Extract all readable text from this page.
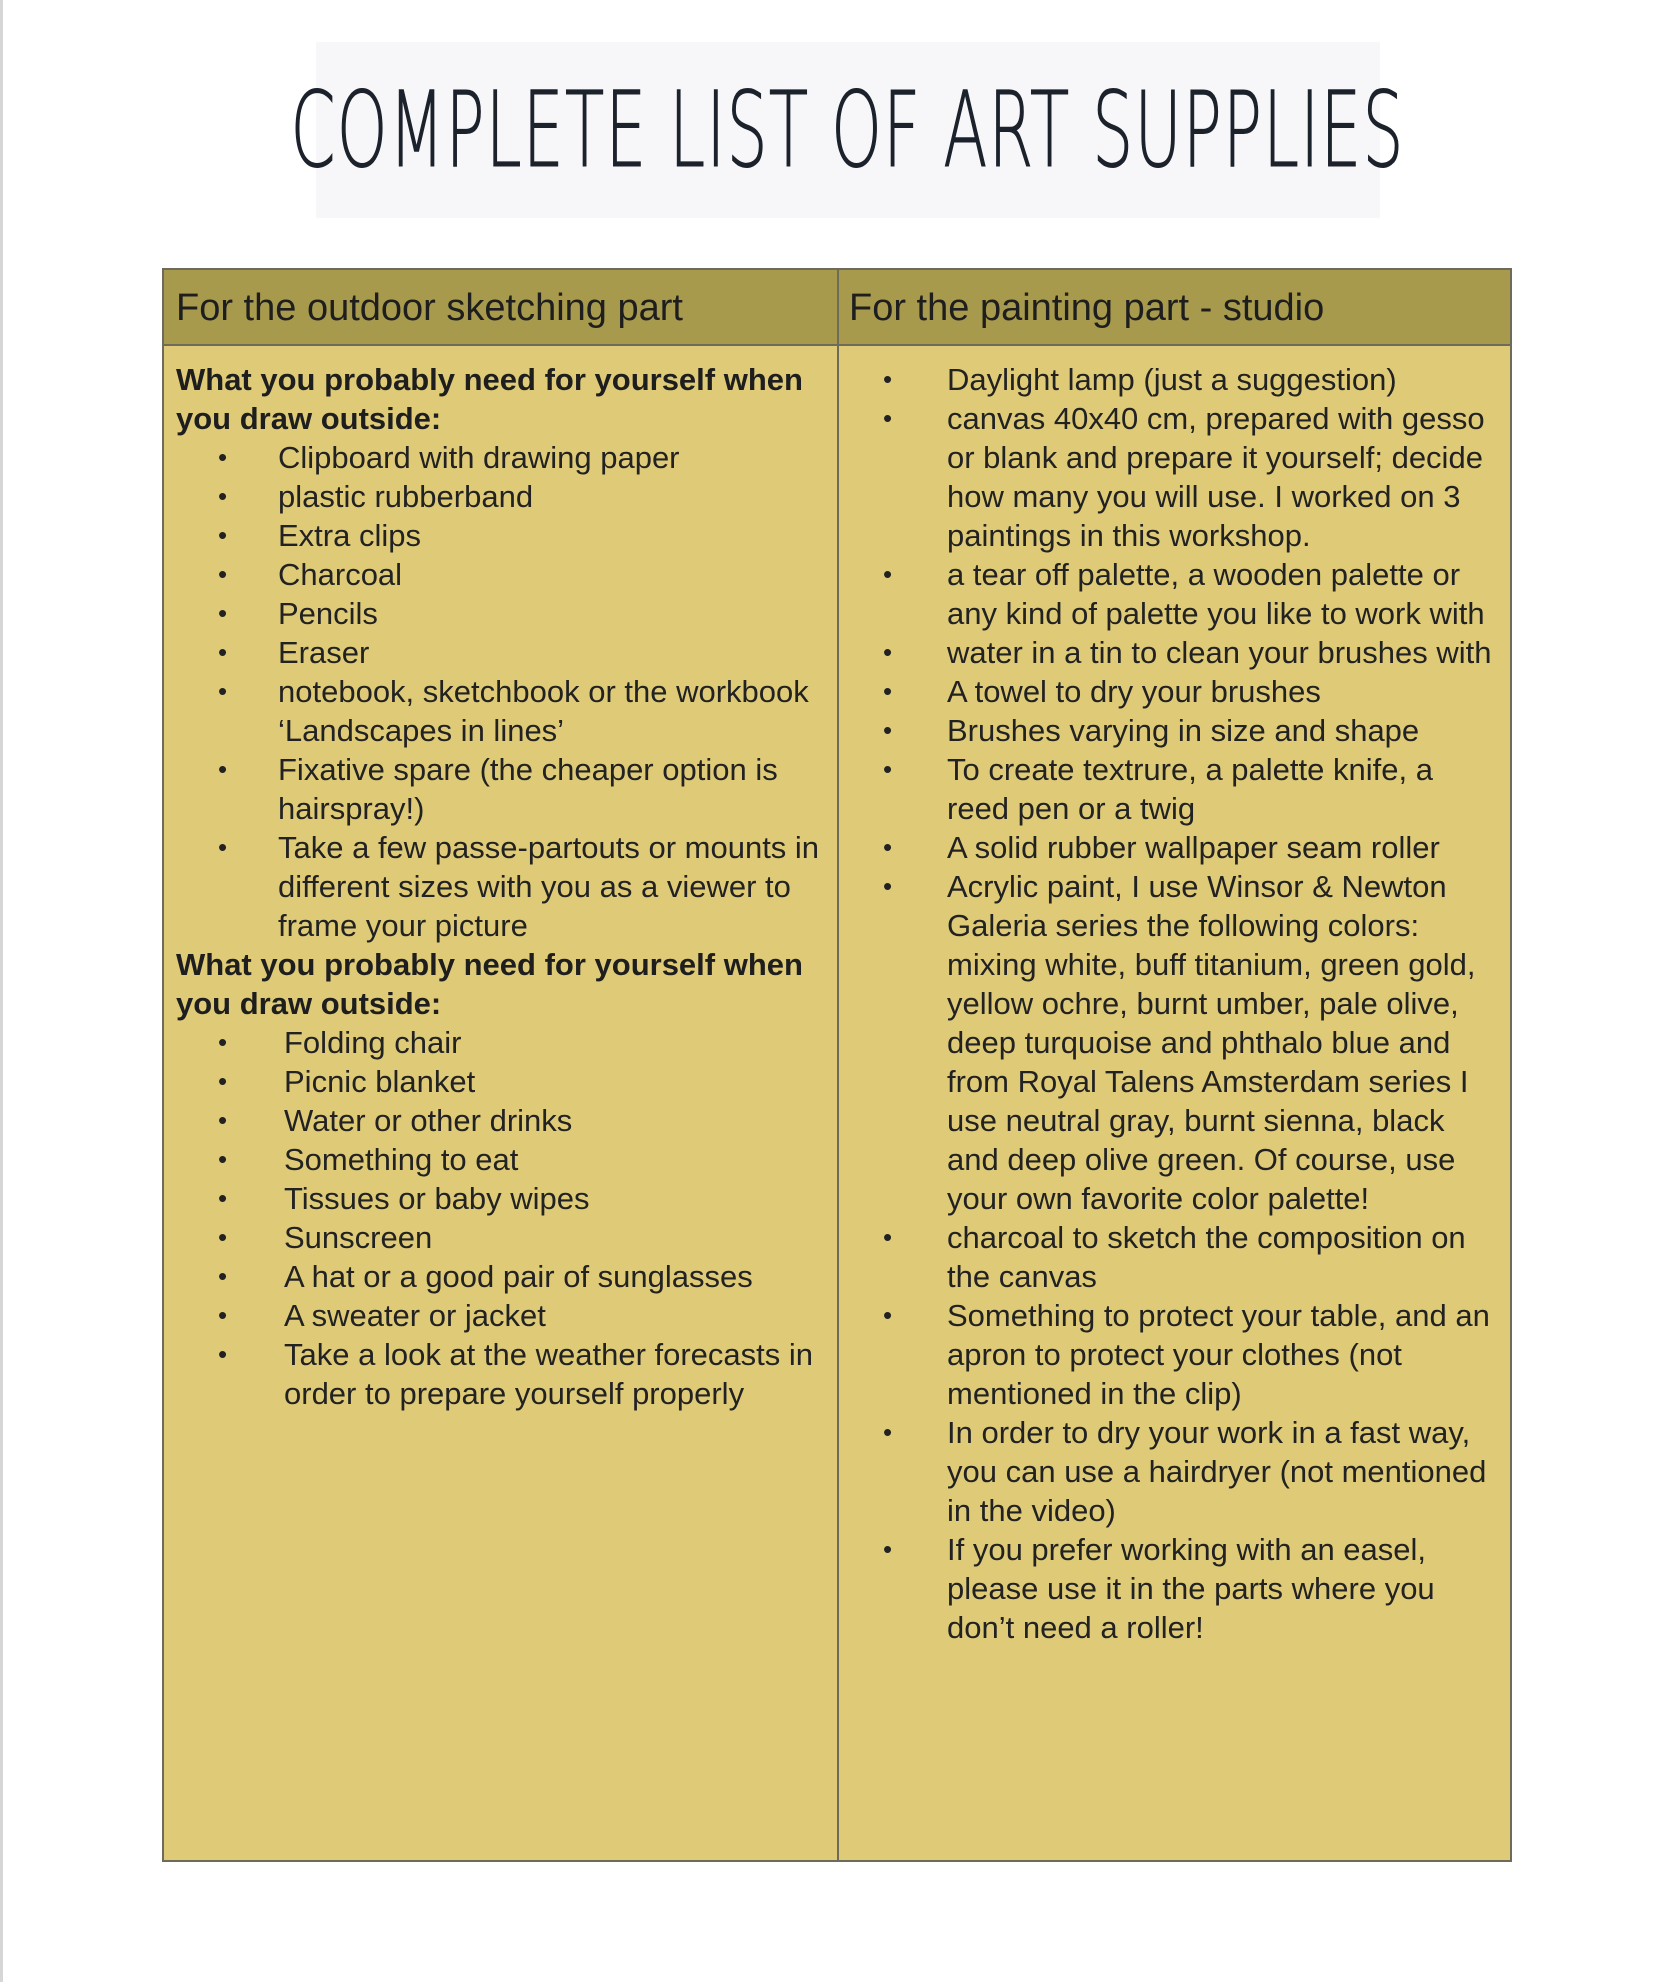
COMPLETE LIST OF ART SUPPLIES
For the outdoor sketching part	For the painting part - studio

What you probably need for yourself when you draw outside:

• Clipboard with drawing paper
• plastic rubberband
• Extra clips
• Charcoal
• Pencils
• Eraser
• notebook, sketchbook or the workbook ‘Landscapes in lines’
• Fixative spare (the cheaper option is hairspray!)
• Take a few passe-partouts or mounts in different sizes with you as a viewer to frame your picture

What you probably need for yourself when you draw outside:

• Folding chair
• Picnic blanket
• Water or other drinks
• Something to eat
• Tissues or baby wipes
• Sunscreen
• A hat or a good pair of sunglasses
• A sweater or jacket
• Take a look at the weather forecasts in order to prepare yourself properly
• Daylight lamp (just a suggestion)
• canvas 40x40 cm, prepared with gesso or blank and prepare it yourself; decide how many you will use. I worked on 3 paintings in this workshop.
• a tear off palette, a wooden palette or any kind of palette you like to work with
• water in a tin to clean your brushes with
• A towel to dry your brushes
• Brushes varying in size and shape
• To create textrure, a palette knife, a reed pen or a twig
• A solid rubber wallpaper seam roller
• Acrylic paint, I use Winsor & Newton Galeria series the following colors: mixing white, buff titanium, green gold, yellow ochre, burnt umber, pale olive, deep turquoise and phthalo blue and from Royal Talens Amsterdam series I use neutral gray, burnt sienna, black and deep olive green. Of course, use your own favorite color palette!
• charcoal to sketch the composition on the canvas
• Something to protect your table, and an apron to protect your clothes (not mentioned in the clip)
• In order to dry your work in a fast way, you can use a hairdryer (not mentioned in the video)
• If you prefer working with an easel, please use it in the parts where you don’t need a roller!
